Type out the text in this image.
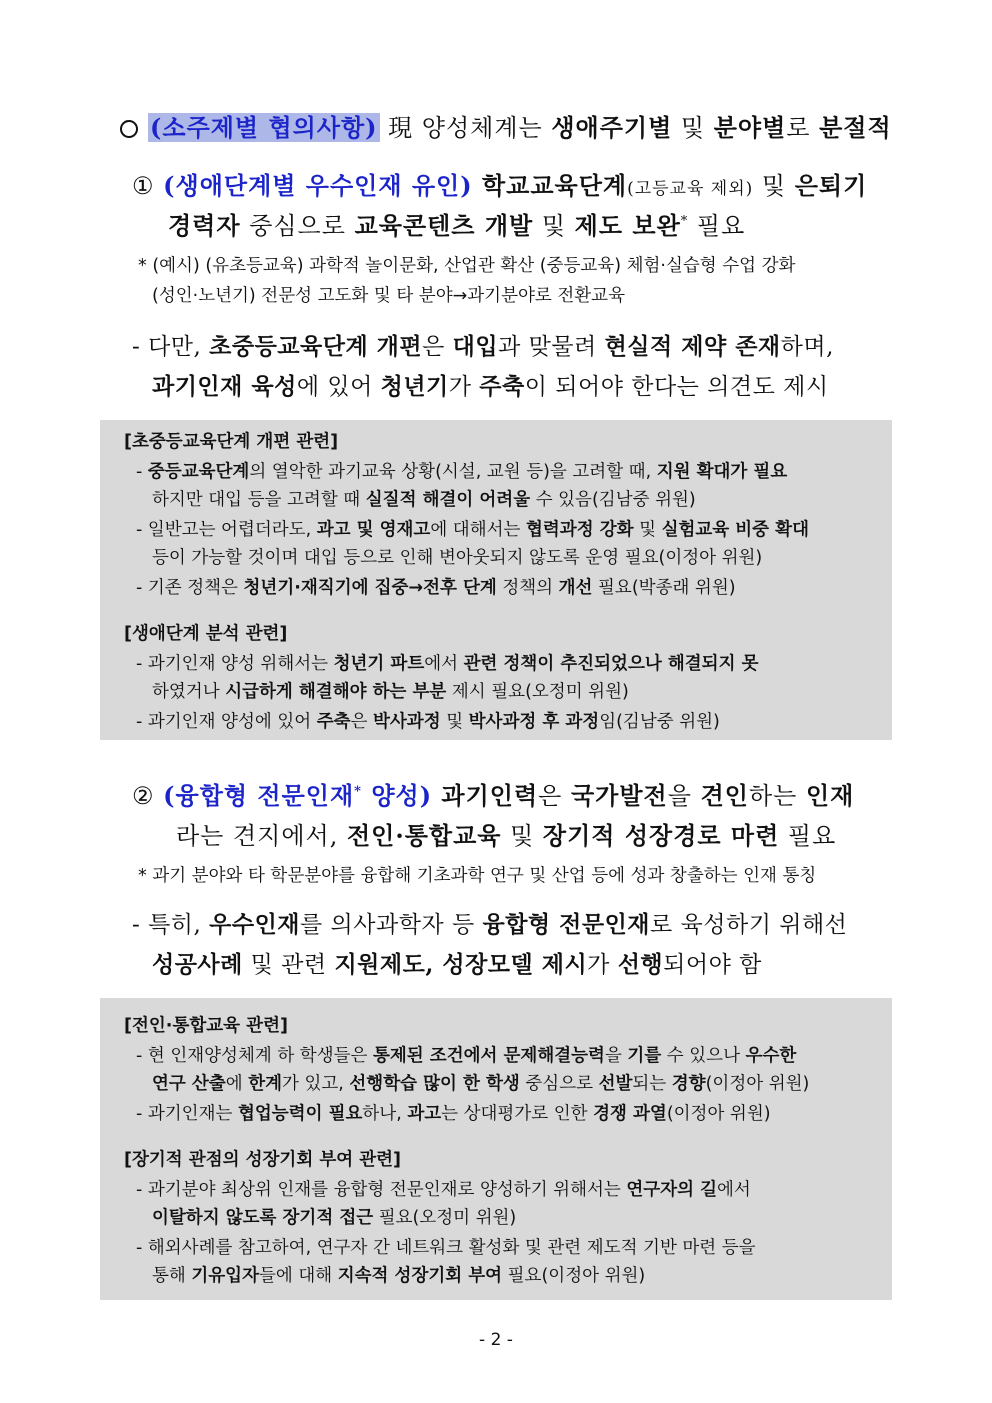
(소주제별 협의사항) 現 양성체계는 생애주기별 및 분야별로 분절적
① (생애단계별 우수인재 유인) 학교교육단계(고등교육 제외) 및 은퇴기
경력자 중심으로 교육콘텐츠 개발 및 제도 보완* 필요
* (예시) (유초등교육) 과학적 놀이문화, 산업관 확산 (중등교육) 체험·실습형 수업 강화
(성인·노년기) 전문성 고도화 및 타 분야→과기분야로 전환교육
- 다만, 초중등교육단계 개편은 대입과 맞물려 현실적 제약 존재하며,
과기인재 육성에 있어 청년기가 주축이 되어야 한다는 의견도 제시
[초중등교육단계 개편 관련]
- 중등교육단계의 열악한 과기교육 상황(시설, 교원 등)을 고려할 때, 지원 확대가 필요
하지만 대입 등을 고려할 때 실질적 해결이 어려울 수 있음(김남중 위원)
- 일반고는 어렵더라도, 과고 및 영재고에 대해서는 협력과정 강화 및 실험교육 비중 확대
등이 가능할 것이며 대입 등으로 인해 변아웃되지 않도록 운영 필요(이정아 위원)
- 기존 정책은 청년기·재직기에 집중→전후 단계 정책의 개선 필요(박종래 위원)
[생애단계 분석 관련]
- 과기인재 양성 위해서는 청년기 파트에서 관련 정책이 추진되었으나 해결되지 못
하였거나 시급하게 해결해야 하는 부분 제시 필요(오정미 위원)
- 과기인재 양성에 있어 주축은 박사과정 및 박사과정 후 과정임(김남중 위원)
② (융합형 전문인재* 양성) 과기인력은 국가발전을 견인하는 인재
라는 견지에서, 전인·통합교육 및 장기적 성장경로 마련 필요
* 과기 분야와 타 학문분야를 융합해 기초과학 연구 및 산업 등에 성과 창출하는 인재 통칭
- 특히, 우수인재를 의사과학자 등 융합형 전문인재로 육성하기 위해선
성공사례 및 관련 지원제도, 성장모델 제시가 선행되어야 함
[전인·통합교육 관련]
- 현 인재양성체계 하 학생들은 통제된 조건에서 문제해결능력을 기를 수 있으나 우수한
연구 산출에 한계가 있고, 선행학습 많이 한 학생 중심으로 선발되는 경향(이정아 위원)
- 과기인재는 협업능력이 필요하나, 과고는 상대평가로 인한 경쟁 과열(이정아 위원)
[장기적 관점의 성장기회 부여 관련]
- 과기분야 최상위 인재를 융합형 전문인재로 양성하기 위해서는 연구자의 길에서
이탈하지 않도록 장기적 접근 필요(오정미 위원)
- 해외사례를 참고하여, 연구자 간 네트워크 활성화 및 관련 제도적 기반 마련 등을
통해 기유입자들에 대해 지속적 성장기회 부여 필요(이정아 위원)
- 2 -
